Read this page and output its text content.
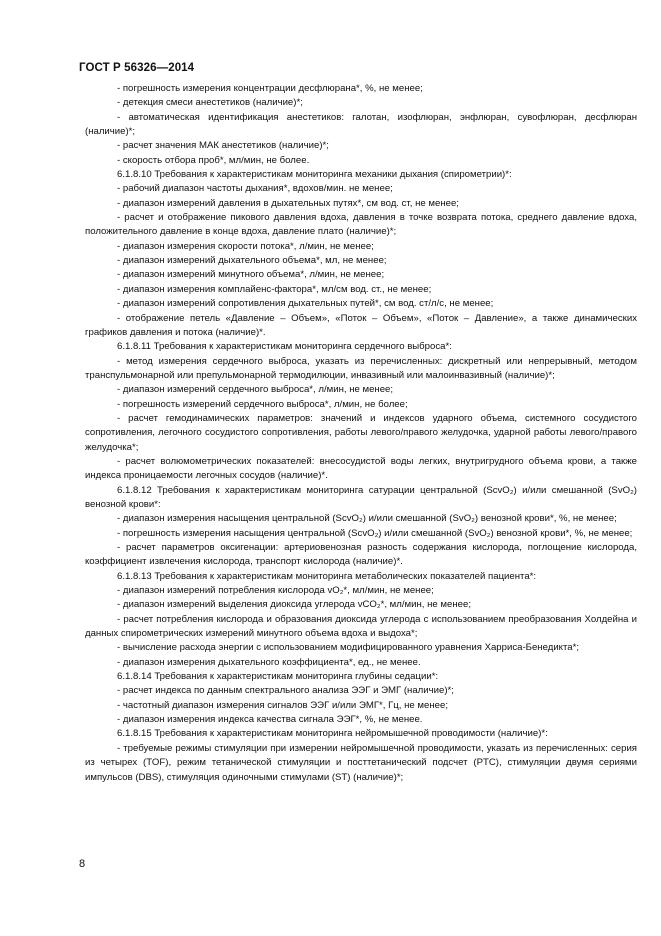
ГОСТ Р 56326—2014

- погрешность измерения концентрации десфлюрана*, %, не менее;

- детекция смеси анестетиков (наличие)*;

- автоматическая идентификация анестетиков: галотан, изофлюран, энфлюран, сувофлюран, десфлюран (наличие)*;

- расчет значения МАК анестетиков (наличие)*;

- скорость отбора проб*, мл/мин, не более.

6.1.8.10 Требования к характеристикам мониторинга механики дыхания (спирометрии)*:

- рабочий диапазон частоты дыхания*, вдохов/мин. не менее;

- диапазон измерений давления в дыхательных путях*, см вод. ст, не менее;

- расчет и отображение пикового давления вдоха, давления в точке возврата потока, среднего давление вдоха, положительного давление в конце вдоха, давление плато (наличие)*;

- диапазон измерения скорости потока*, л/мин, не менее;

- диапазон измерений дыхательного объема*, мл, не менее;

- диапазон измерений минутного объема*, л/мин, не менее;

- диапазон измерения комплайенс-фактора*, мл/см вод. ст., не менее;

- диапазон измерений сопротивления дыхательных путей*, см вод. ст/л/с, не менее;

- отображение петель «Давление – Объем», «Поток – Объем», «Поток – Давление», а также динамических графиков давления и потока (наличие)*.

6.1.8.11 Требования к характеристикам мониторинга сердечного выброса*:

- метод измерения сердечного выброса, указать из перечисленных: дискретный или непрерывный, методом транспульмонарной или препульмонарной термодилюции, инвазивный или малоинвазивный (наличие)*;

- диапазон измерений сердечного выброса*, л/мин, не менее;

- погрешность измерений сердечного выброса*, л/мин, не более;

- расчет гемодинамических параметров: значений и индексов ударного объема, системного сосудистого сопротивления, легочного сосудистого сопротивления, работы левого/правого желудочка, ударной работы левого/правого желудочка*;

- расчет волюмометрических показателей: внесосудистой воды легких, внутригрудного объема крови, а также индекса проницаемости легочных сосудов (наличие)*.

6.1.8.12 Требования к характеристикам мониторинга сатурации центральной (ScvO₂) и/или смешанной (SvO₂) венозной крови*:

- диапазон измерения насыщения центральной (ScvO₂) и/или смешанной (SvO₂) венозной крови*, %, не менее;

- погрешность измерения насыщения центральной (ScvO₂) и/или смешанной (SvO₂) венозной крови*, %, не менее;

- расчет параметров оксигенации: артериовенозная разность содержания кислорода, поглощение кислорода, коэффициент извлечения кислорода, транспорт кислорода (наличие)*.

6.1.8.13 Требования к характеристикам мониторинга метаболических показателей пациента*:

- диапазон измерений потребления кислорода vO₂*, мл/мин, не менее;

- диапазон измерений выделения диоксида углерода vCO₂*, мл/мин, не менее;

- расчет потребления кислорода и образования диоксида углерода с использованием преобразования Холдейна и данных спирометрических измерений минутного объема вдоха и выдоха*;

- вычисление расхода энергии с использованием модифицированного уравнения Харриса-Бенедикта*;

- диапазон измерения дыхательного коэффициента*, ед., не менее.

6.1.8.14 Требования к характеристикам мониторинга глубины седации*:

- расчет индекса по данным спектрального анализа ЭЭГ и ЭМГ (наличие)*;

- частотный диапазон измерения сигналов ЭЭГ и/или ЭМГ*, Гц, не менее;

- диапазон измерения индекса качества сигнала ЭЭГ*, %, не менее.

6.1.8.15 Требования к характеристикам мониторинга нейромышечной проводимости (наличие)*:

- требуемые режимы стимуляции при измерении нейромышечной проводимости, указать из перечисленных: серия из четырех (TOF), режим тетанической стимуляции и посттетанический подсчет (PTC), стимуляции двумя сериями импульсов (DBS), стимуляция одиночными стимулами (ST) (наличие)*;

8
